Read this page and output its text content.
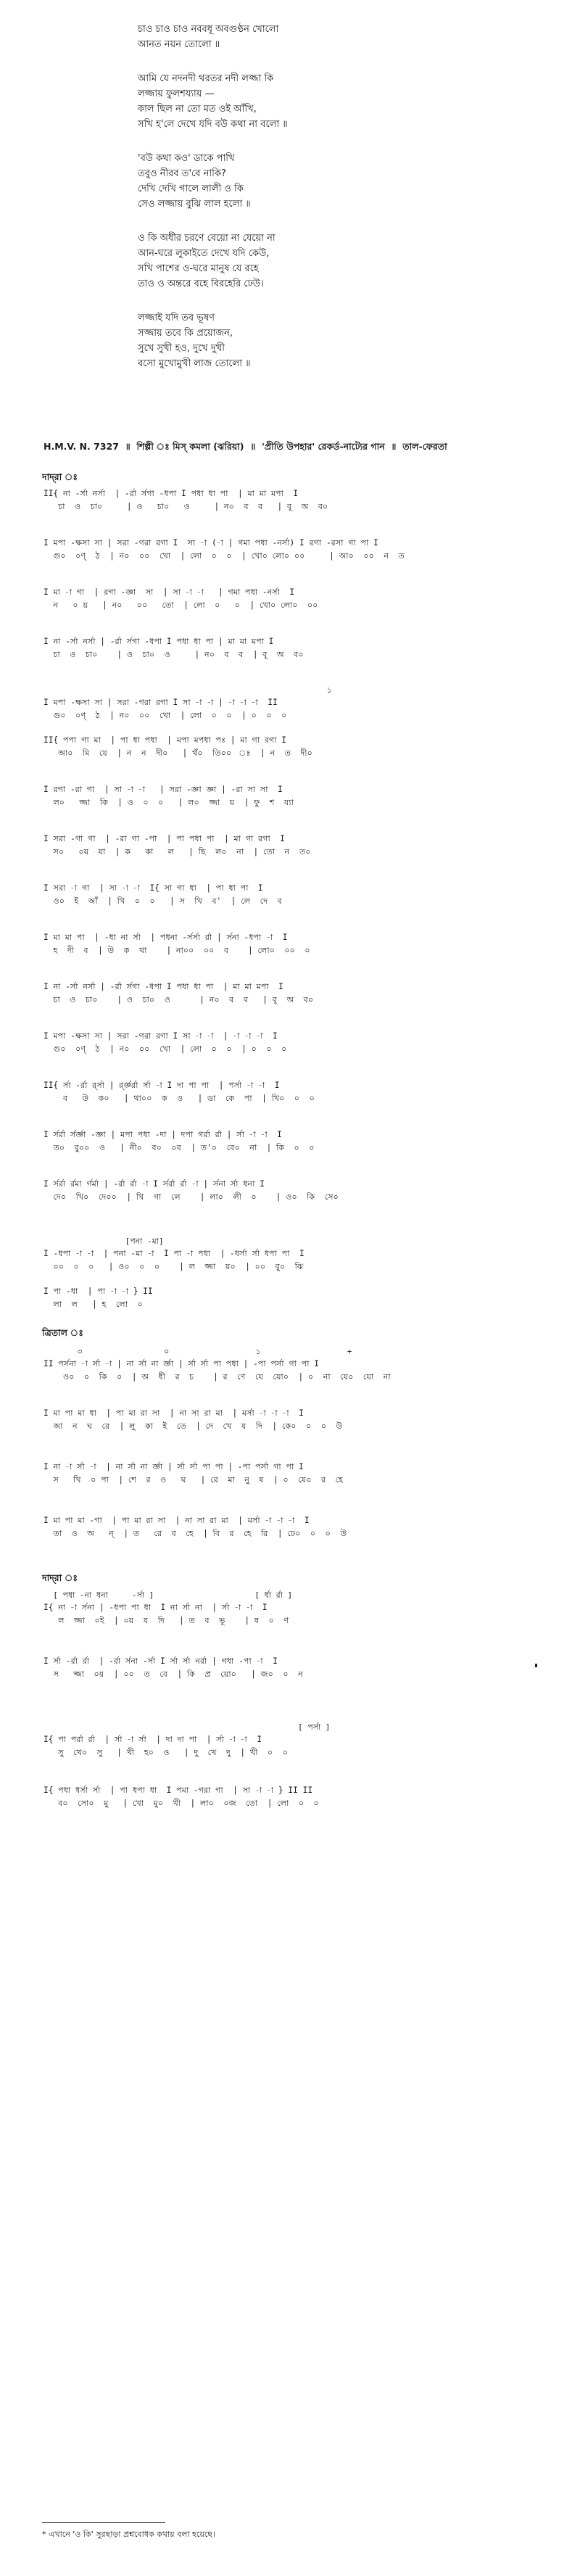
চাও চাও চাও নববধূ অবগুণ্ঠন খোলো
আনত নয়ন তোলো ॥
আমি যে নদনদী থরতর নদী লজ্জা কি
লজ্জায় ফুলশয্যায় —
কাল ছিল না তো মত ওই আঁখি,
সখি হ'লে দেখে যদি বউ কথা না বলো ॥
'বউ কথা কও' ডাকে পাখি
তবুও নীরব ত'বে নাকি?
দেখি দেখি গালে লালী ও কি
সেও লজ্জায় বুঝি লাল হলো ॥
ও কি অধীর চরণে বেয়ো না যেয়ো না
আন-ঘরে লুকাইতে দেখে যদি কেউ,
সখি পাশের ও-ঘরে মানুষ যে রহে
তাও ও অন্তরে বহে বিরহেরি ঢেউ।
লজ্জাই যদি তব ভূষণ
সজ্জায় তবে কি প্রয়োজন,
সুখে সুখী হও, দুখে দুখী
বসো মুখোমুখী লাজ তোলো ॥
H.M.V. N. 7327 ॥ শিল্পী ঃ মিস্‌ কমলা (ঝরিয়া) ॥ 'প্রীতি উপহার' রেকর্ড-নাট্যের গান ॥ তাল-ফেরতা
দাদ্‌রা ঃ
II{ না -র্সা নর্সা  | -র্রা র্সগা -ধপা I পধা ধা পা  | মা মা মপা  I
চা  ও  চা০     | ও   চা০   ও     | ন০  ব  ব   | বূ  অ  ব০
I মপা -ক্ষসা সা | সরা -গরা রগা I  সা -া (-া | গমা পধা -নর্সা) I রগা -রসা গা পা I
গু০  ০ণ্  ঠ  | ন০  ০০  খো  | লো  ০  ০  | খো০ লো০ ০০     | আ০  ০০  ন  ত
I মা -া গা  | রগা -জ্ঞা  সা  | সা -া -া   | গমা পধা -নর্সা  I
ন   ০ য়   | ন০   ০০   তো  | লো  ০   ০  | খো০ লো০  ০০
I না -র্সা নর্সা | -র্রা র্সগা -ধপা I পধা ধা পা | মা মা মপা I
চা  ও  চা০    | ও  চা০  ও     | ন০  ব  ব  | বূ  অ  ব০
১
I মপা -ক্ষসা সা | সরা -গরা রগা I সা -া -া | -া -া -া  II
গু০  ০ণ্  ঠ  | ন০  ০০  খো  | লো  ০  ০  | ০  ০  ০
II{ পপা গা মা  | পা ধা পধা  | মপা মপধা পঃ | মা গা রগা I
আ০  মি  যে  | ন  ন  দী০   | থঁ০  তি০০  ঃ  | ন  ত  দী০
I রগা -রা গা  | সা -া -া   | সরা -জ্ঞা জ্ঞা | -রা সা সা  I
ল০   জ্জা  কি  | ও  ০  ০   | ল০  জ্জা  য়  | ফু  শ  য্যা
I সরা -গা গা  | -রা গা -পা  | পা পধা পা  | মা গা রগা  I
স০   ০য়  যা  | ক   কা   ল   | ছি  ল০  না  | তো  ন  ত০
I সরা -া গা  | সা -া -া  I{ সা গা ধা  | পা ধা পা  I
ও০  ই  আঁ  | খি  ০  ০   | স  খি  ব'  | লে  দে  ব
I মা মা পা  | -ধা না র্সা  | পধনা -র্সর্সা র্রা | র্সনা -ধপা -া  I
হ  দী  ব  | উ  ক  থা    | না০০  ০০  ব    | লো০  ০০  ০
I না -র্সা নর্সা | -র্রা র্সগা -ধপা I পধা ধা পা  | মা মা মপা  I
চা  ও  চা০    | ও  চা০  ও      | ন০  ব  ব   | বূ  অ  ব০
I মপা -ক্ষসা সা | সরা -গরা রগা I সা -া -া  | -া -া -া  I
গু০  ০ণ্  ঠ  | ন০  ০০  খো  | লো  ০  ০  | ০  ০  ০
II{ র্সা -র্রা র্র্সা | র্র্জ্ঞর্রা র্সা -া I দা পা পা  | পর্সা -া -া  I
ব   উ  ক০   | থা০০  ক  ও   | ডা  কে  পা  | খি০  ০  ০
I র্সর্রা র্সর্জ্ঞা -জ্ঞা | মপা পধা -দা | দপা গর্রা র্রা | র্সা -া -া  I
ত০  বু০০  ও   | নী০  ব০  ০ব  | ত'০  বে০  না  | কি  ০  ০
I র্সর্রা র্রমা র্গর্মা | -র্রা র্রা -া I র্সর্রা র্রা -া | র্সনা র্সা ধনা I
দে০  খি০  দে০০  | খি  গা  লে    | লা০  লী  ০    | ও০  কি  সে০
[পনা -মা]
I -ধপা -া -া  | পনা -মা -া  I পা -া পধা  | -ধর্সা র্সা ধপা পা  I
০০  ০  ০   | ও০  ০  ০    | ল  জ্জা  য়০  | ০০  বু০  ঝি
I পা -ধা  | পা -া -া } II
লা  ল   | হ  লো  ০
ত্রিতাল ঃ
৩                 ০                  ১                  +
II পর্সনা -া র্সা -া | না র্সা না র্জ্ঞা | র্সা র্সা পা পধা | -পা পর্সা গা পা I
ও০  ০  কি  ০  | অ  ধী  র  চ    | র  ণে  যে  য়ো০  | ০  না  যে০  য়ো  না
I মা পা মা ধা  | পা মা রা সা  | না সা রা মা  | মর্সা -া -া -া  I
আ  ন  ঘ  রে  | লু  কা  ই  তে  | দে  খে  য  দি  | কে০  ০  ০  উ
I না -া র্সা -া  | না র্সা না র্জ্ঞা | র্সা র্সা পা পা | -পা পর্সা গা পা I
স   খি  ০ পা  | শে  র  ও   ঘ   | রে  মা  নু  ষ  | ০  যে০  র  হে
I মা পা মা -গা  | পা মা রা সা  | না সা রা মা  | মর্সা -া -া -া  I
তা  ও  অ   ন্  | ত   রে  ব  হে  | বি  র  হে  রি  | ঢে০  ০  ০  উ
দাদ্‌রা ঃ
[ পধা -না ধনা     -র্সা ]                     [ র্ধা র্রা ]
I{ না -া র্সনা | -ধপা পা ধা  I না র্সা না  | র্সা -া -া  I
ল  জ্জা  ০ই  | ০য়  য  দি   | ত  ব  ভূ    | ষ  ০  ণ
I র্সা -র্রা র্রা  | -র্রা র্সনা -র্সা I র্সা র্সা নর্রা | গধা -পা -া  I
স   জ্জা  ০য়  | ০০  ত  বে  | কি  প্র  য়ো০   | জ০  ০  ন
[ পর্সা ]
I{ পা পর্রা র্রা  | র্সা -া র্সা  | দা দা পা  | র্সা -া -া  I
সু  খে০  সু   | খী  হ০  ও   | দু  খে  দু  | খী  ০  ০
I{ পধা ধর্সা র্সা  | পা ধপা ধা  I পমা -গরা গা  | সা -া -া } II II
ব০  সো০  মু   | খো  মু০  খী  | লা০  ০জ  তো  | লো  ০  ০
* এখানে 'ও কি' সুরছাড়া প্রশ্নবোধক কথায় বলা হয়েছে।
